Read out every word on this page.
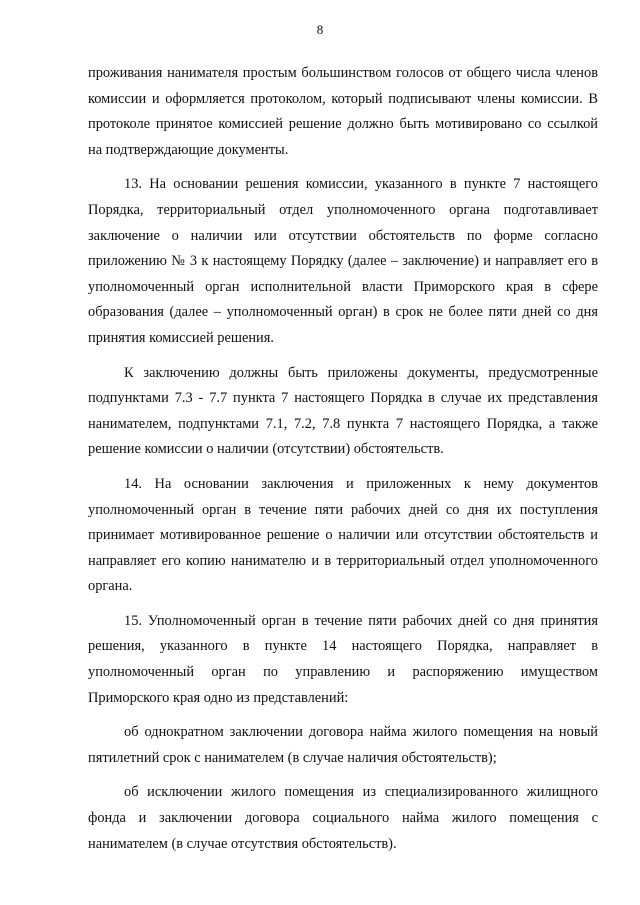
8

проживания нанимателя простым большинством голосов от общего числа членов комиссии и оформляется протоколом, который подписывают члены комиссии. В протоколе принятое комиссией решение должно быть мотивировано со ссылкой на подтверждающие документы.

13. На основании решения комиссии, указанного в пункте 7 настоящего Порядка, территориальный отдел уполномоченного органа подготавливает заключение о наличии или отсутствии обстоятельств по форме согласно приложению № 3 к настоящему Порядку (далее – заключение) и направляет его в уполномоченный орган исполнительной власти Приморского края в сфере образования (далее – уполномоченный орган) в срок не более пяти дней со дня принятия комиссией решения.

К заключению должны быть приложены документы, предусмотренные подпунктами 7.3 - 7.7 пункта 7 настоящего Порядка в случае их представления нанимателем, подпунктами 7.1, 7.2, 7.8 пункта 7 настоящего Порядка, а также решение комиссии о наличии (отсутствии) обстоятельств.

14. На основании заключения и приложенных к нему документов уполномоченный орган в течение пяти рабочих дней со дня их поступления принимает мотивированное решение о наличии или отсутствии обстоятельств и направляет его копию нанимателю и в территориальный отдел уполномоченного органа.

15. Уполномоченный орган в течение пяти рабочих дней со дня принятия решения, указанного в пункте 14 настоящего Порядка, направляет в уполномоченный орган по управлению и распоряжению имуществом Приморского края одно из представлений:

об однократном заключении договора найма жилого помещения на новый пятилетний срок с нанимателем (в случае наличия обстоятельств);

об исключении жилого помещения из специализированного жилищного фонда и заключении договора социального найма жилого помещения с нанимателем (в случае отсутствия обстоятельств).
